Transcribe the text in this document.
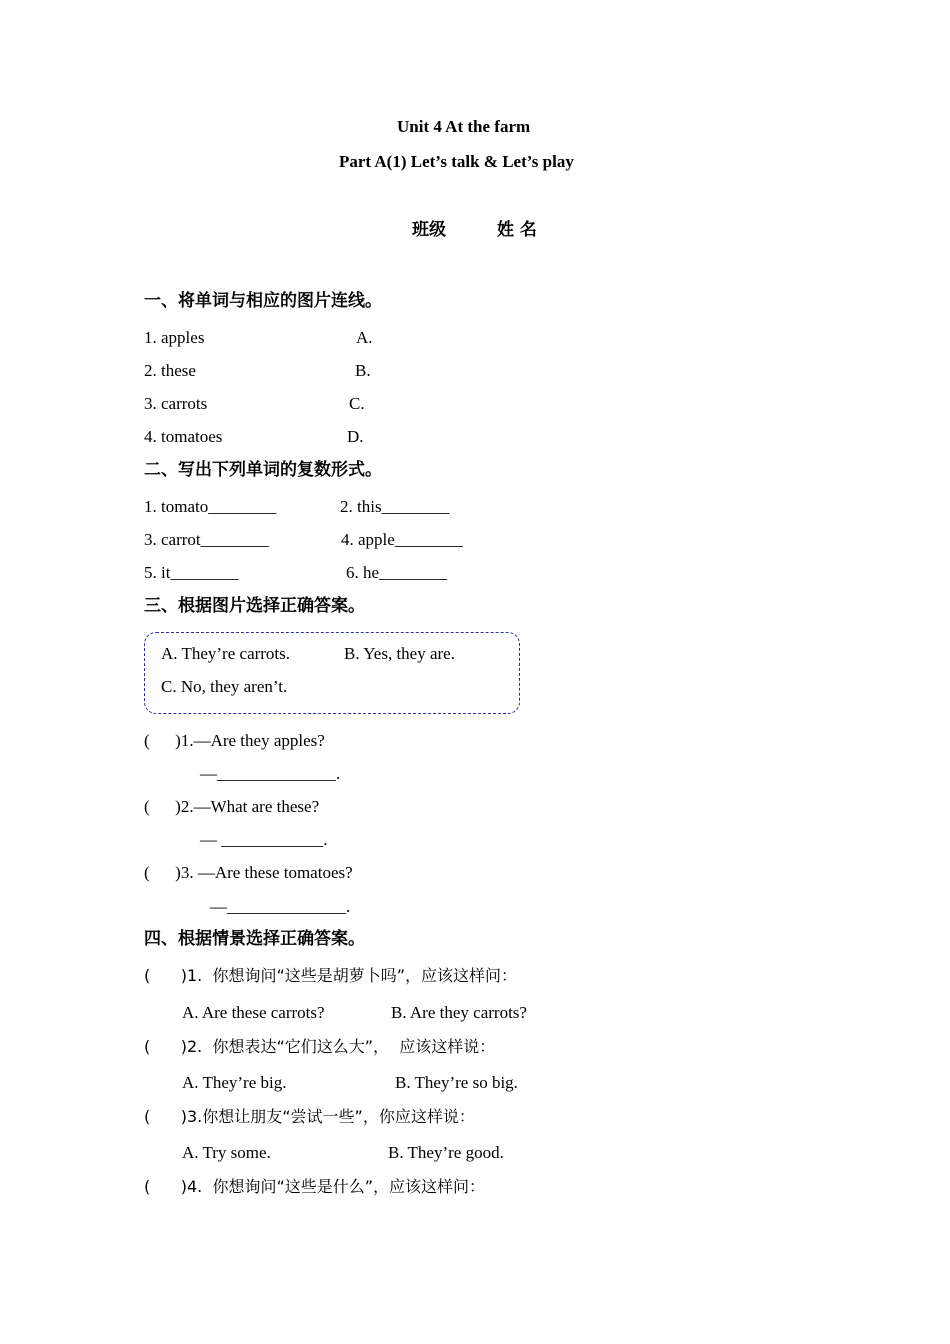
Unit 4 At the farm
Part A(1) Let’s talk & Let’s play
班级	姓 名
一、将单词与相应的图片连线。
1. apples	A.
2. these	B.
3. carrots	C.
4. tomatoes	D.
二、写出下列单词的复数形式。
1. tomato________	2. this________
3. carrot________	4. apple________
5. it________	6. he________
三、根据图片选择正确答案。
A. They’re carrots.	B. Yes, they are.
C. No, they aren’t.
(      )1.—Are they apples?
—______________.
(      )2.—What are these?
— ____________.
(      )3. —Are these tomatoes?
—______________.
四、根据情景选择正确答案。
(      )1.  你想询问“这些是胡萝卜吗”，应该这样问：
A. Are these carrots?	B. Are they carrots?
(      )2.  你想表达“它们这么大”，  应该这样说：
A. They’re big.	B. They’re so big.
(      )3.你想让朋友“尝试一些”，你应这样说：
A. Try some.	B. They’re good.
(      )4.  你想询问“这些是什么”，应该这样问：
